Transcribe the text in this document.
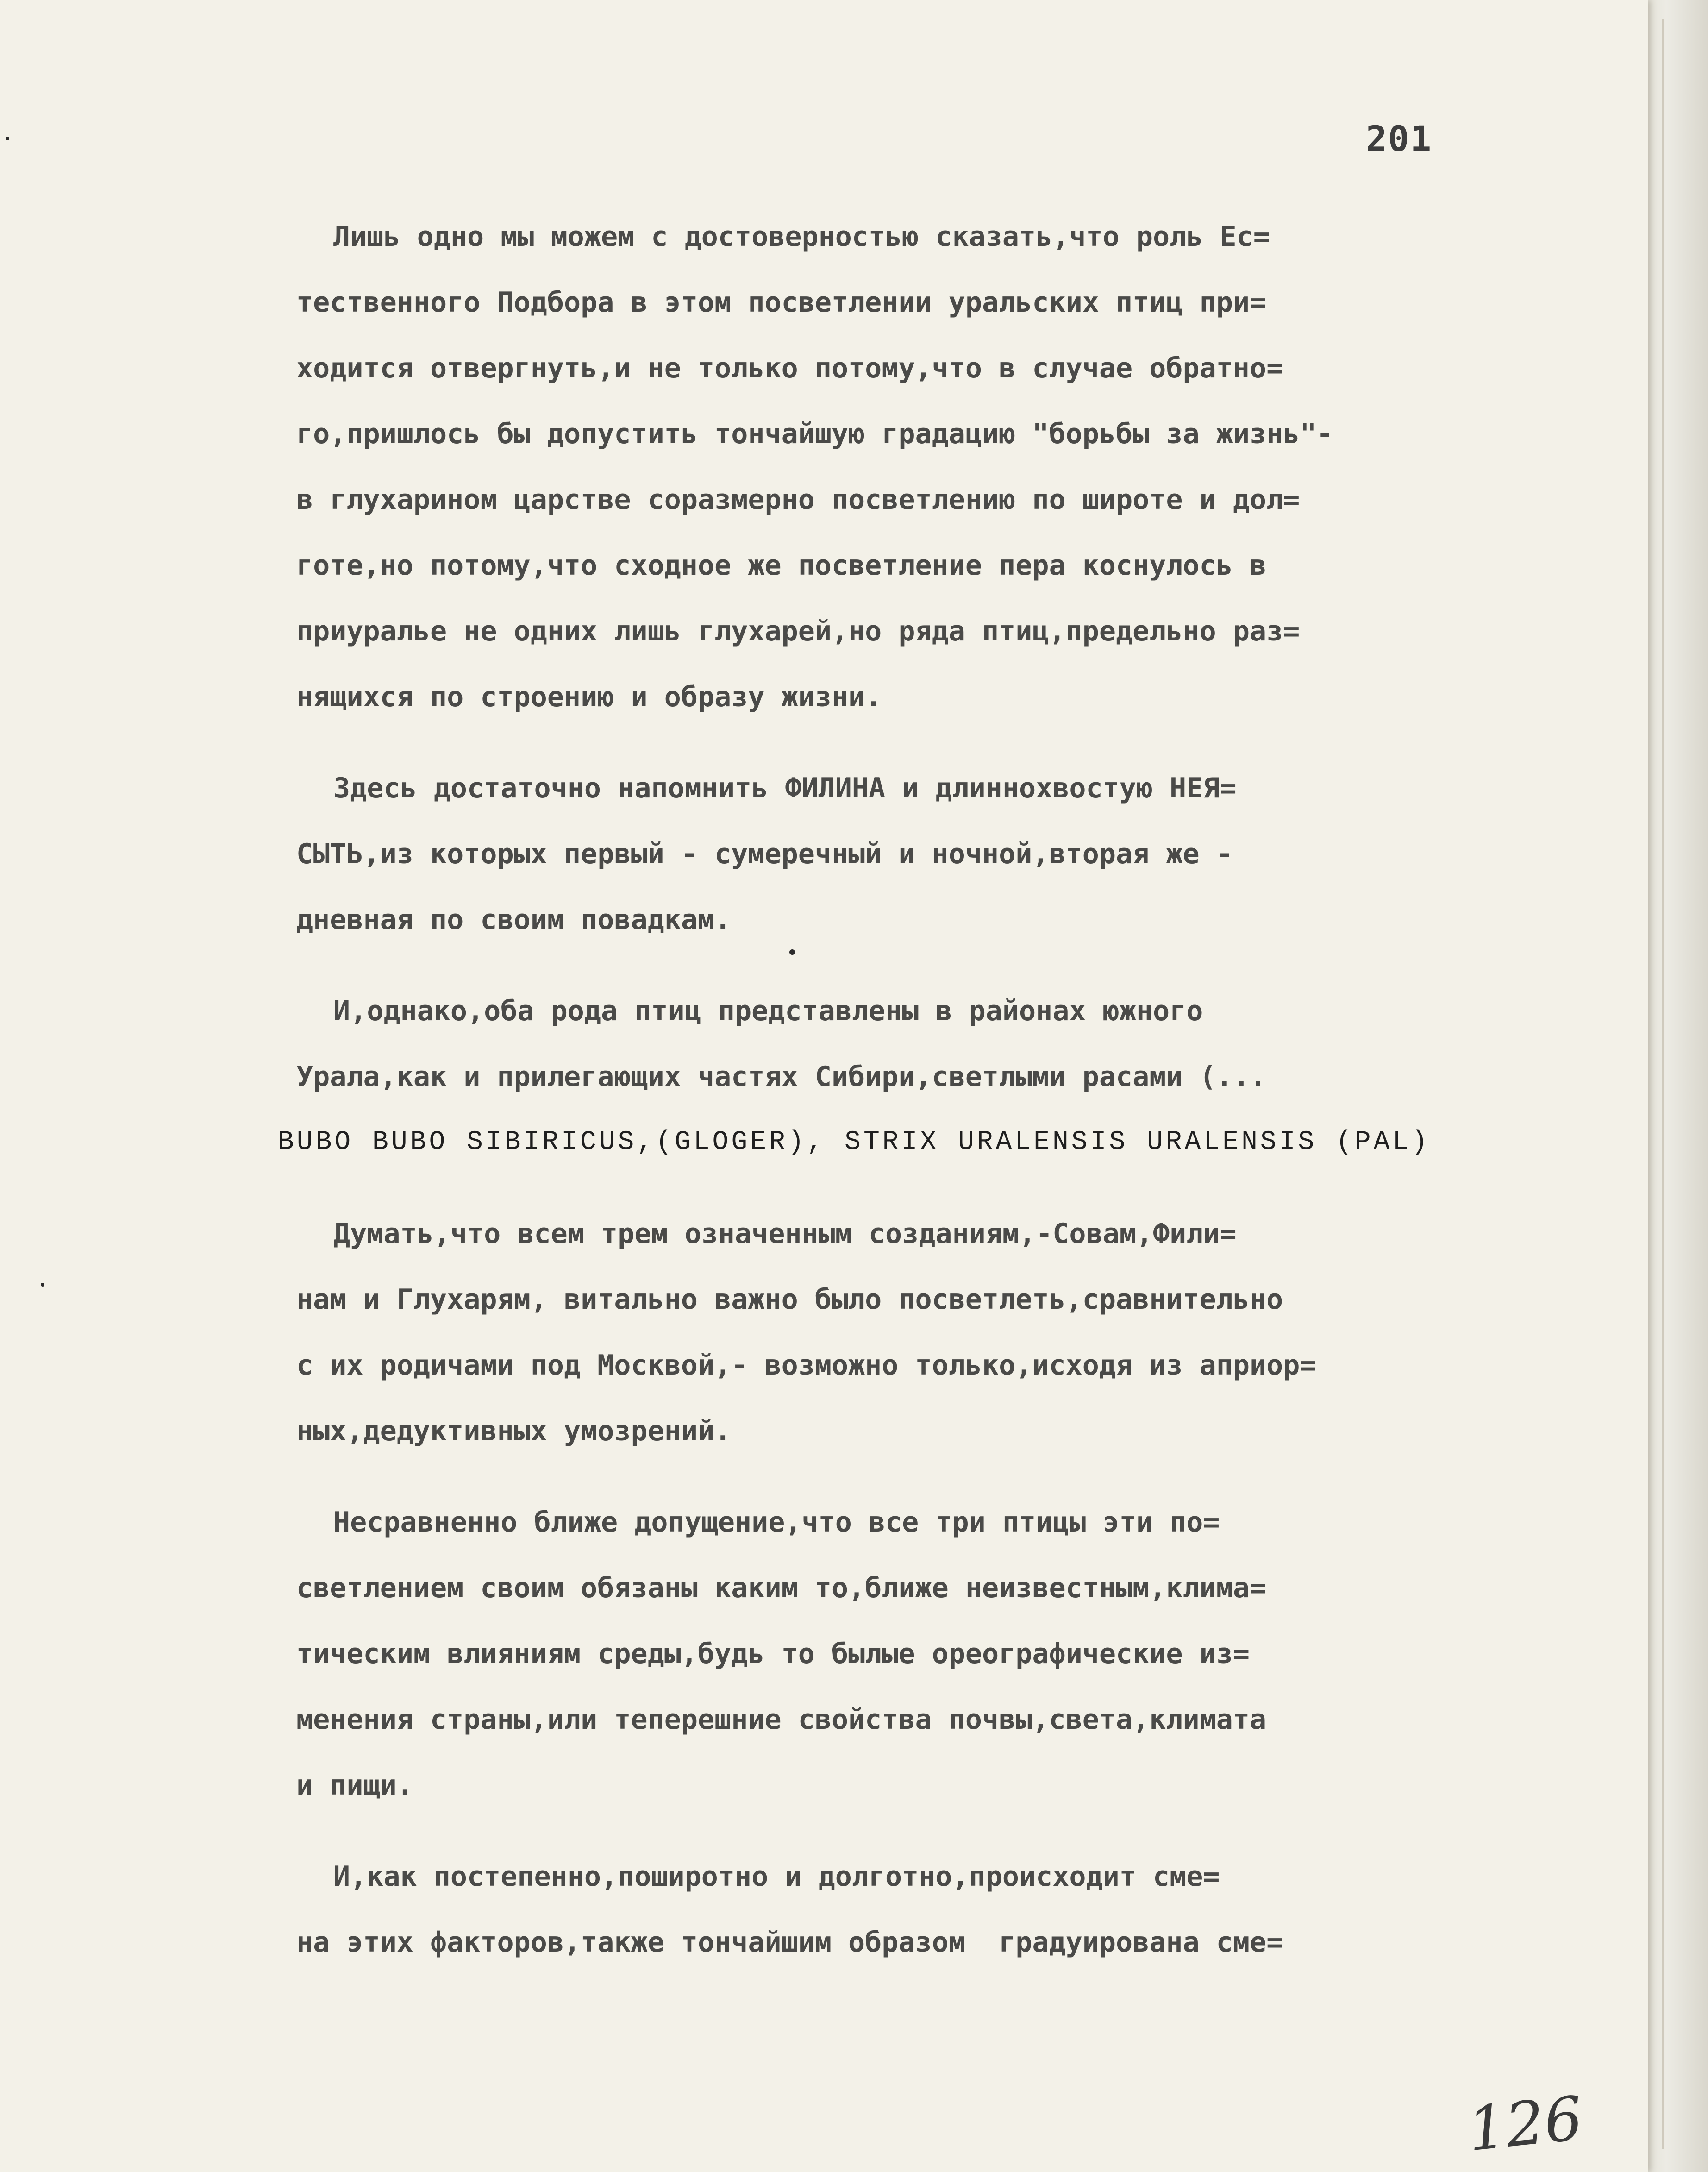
201
Лишь одно мы можем с достоверностью сказать,что роль Ес=
тественного Подбора в этом посветлении уральских птиц при=
ходится отвергнуть,и не только потому,что в случае обратно=
го,пришлось бы допустить тончайшую градацию "борьбы за жизнь"-
в глухарином царстве соразмерно посветлению по широте и дол=
готе,но потому,что сходное же посветление пера коснулось в
приуралье не одних лишь глухарей,но ряда птиц,предельно раз=
нящихся по строению и образу жизни.
Здесь достаточно напомнить ФИЛИНА и длиннохвостую НЕЯ=
СЫТЬ,из которых первый - сумеречный и ночной,вторая же -
дневная по своим повадкам.
И,однако,оба рода птиц представлены в районах южного
Урала,как и прилегающих частях Сибири,светлыми расами (...
BUBO BUBO SIBIRICUS,(GLOGER), STRIX URALENSIS URALENSIS (PAL)
Думать,что всем трем означенным созданиям,-Совам,Фили=
нам и Глухарям, витально важно было посветлеть,сравнительно
с их родичами под Москвой,- возможно только,исходя из априор=
ных,дедуктивных умозрений.
Несравненно ближе допущение,что все три птицы эти по=
светлением своим обязаны каким то,ближе неизвестным,клима=
тическим влияниям среды,будь то былые ореографические из=
менения страны,или теперешние свойства почвы,света,климата
и пищи.
И,как постепенно,поширотно и долготно,происходит сме=
на этих факторов,также тончайшим образом  градуирована сме=
126
